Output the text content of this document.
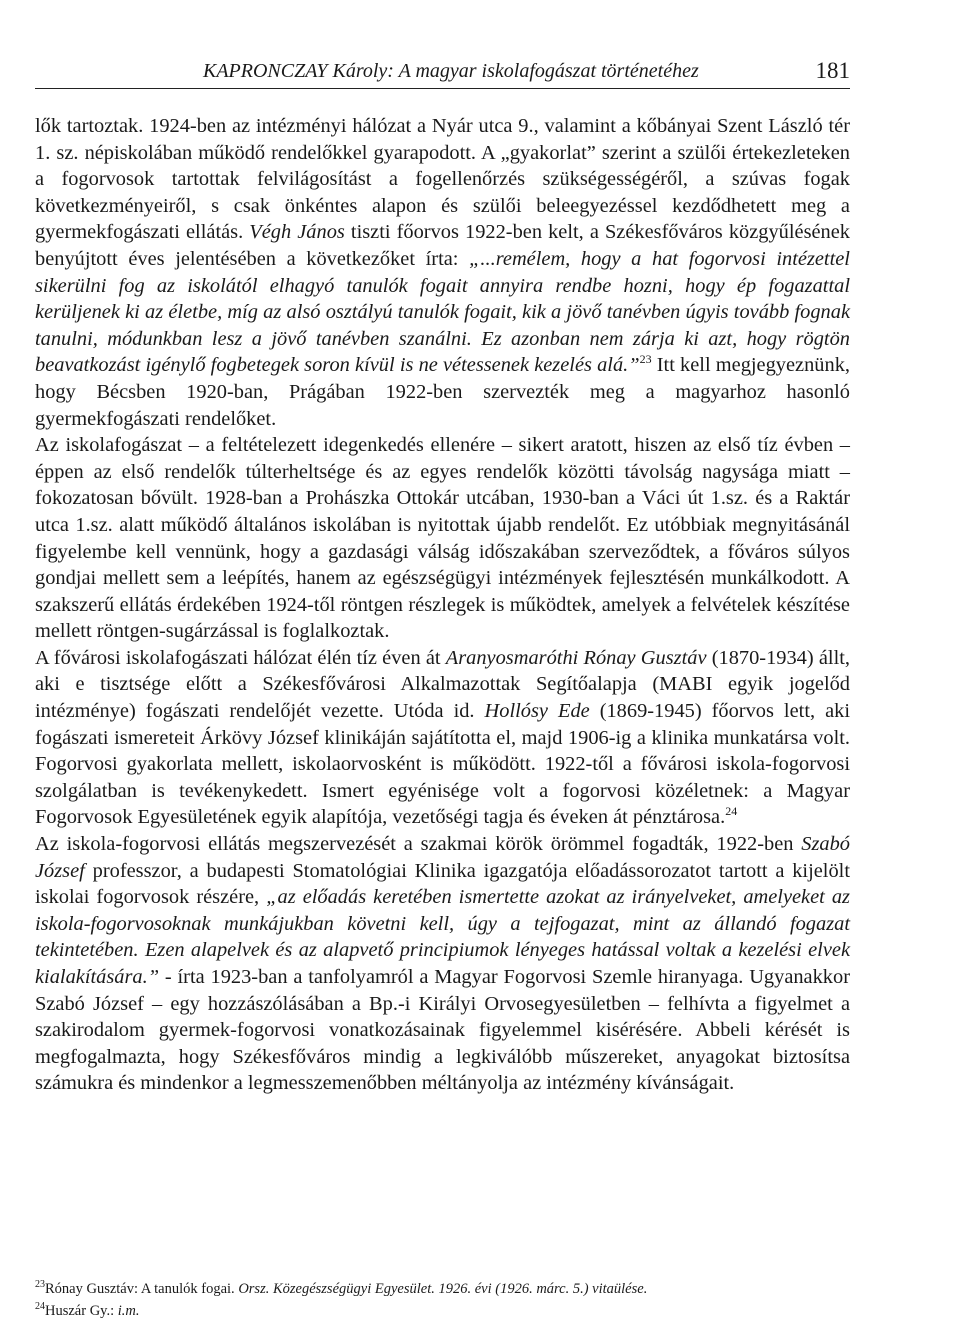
KAPRONCZAY Károly: A magyar iskolafogászat történetéhez	181

lők tartoztak. 1924-ben az intézményi hálózat a Nyár utca 9., valamint a kőbányai Szent László tér 1. sz. népiskolában működő rendelőkkel gyarapodott. A „gyakorlat” szerint a szülői értekezleteken a fogorvosok tartottak felvilágosítást a fogellenőrzés szükségességéről, a szúvas fogak következményeiről, s csak önkéntes alapon és szülői beleegyezéssel kezdődhetett meg a gyermekfogászati ellátás. Végh János tiszti főorvos 1922-ben kelt, a Székesfőváros közgyűlésének benyújtott éves jelentésében a következőket írta: „...remélem, hogy a hat fogorvosi intézettel sikerülni fog az iskolától elhagyó tanulók fogait annyira rendbe hozni, hogy ép fogazattal kerüljenek ki az életbe, míg az alsó osztályú tanulók fogait, kik a jövő tanévben úgyis tovább fognak tanulni, módunkban lesz a jövő tanévben szanálni. Ez azonban nem zárja ki azt, hogy rögtön beavatkozást igénylő fogbetegek soron kívül is ne vétessenek kezelés alá.”$^{23}$ Itt kell megjegyeznünk, hogy Bécsben 1920-ban, Prágában 1922-ben szervezték meg a magyarhoz hasonló gyermekfogászati rendelőket.

Az iskolafogászat – a feltételezett idegenkedés ellenére – sikert aratott, hiszen az első tíz évben – éppen az első rendelők túlterheltsége és az egyes rendelők közötti távolság nagysága miatt – fokozatosan bővült. 1928-ban a Prohászka Ottokár utcában, 1930-ban a Váci út 1.sz. és a Raktár utca 1.sz. alatt működő általános iskolában is nyitottak újabb rendelőt. Ez utóbbiak megnyitásánál figyelembe kell vennünk, hogy a gazdasági válság időszakában szerveződtek, a főváros súlyos gondjai mellett sem a leépítés, hanem az egészségügyi intézmények fejlesztésén munkálkodott. A szakszerű ellátás érdekében 1924-től röntgen részlegek is működtek, amelyek a felvételek készítése mellett röntgen-sugárzással is foglalkoztak.

A fővárosi iskolafogászati hálózat élén tíz éven át Aranyosmaróthi Rónay Gusztáv (1870-1934) állt, aki e tisztsége előtt a Székesfővárosi Alkalmazottak Segítőalapja (MABI egyik jogelőd intézménye) fogászati rendelőjét vezette. Utóda id. Hollósy Ede (1869-1945) főorvos lett, aki fogászati ismereteit Árkövy József klinikáján sajátította el, majd 1906-ig a klinika munkatársa volt. Fogorvosi gyakorlata mellett, iskolaorvosként is működött. 1922-től a fővárosi iskola-fogorvosi szolgálatban is tevékenykedett. Ismert egyénisége volt a fogorvosi közéletnek: a Magyar Fogorvosok Egyesületének egyik alapítója, vezetőségi tagja és éveken át pénztárosa.$^{24}$

Az iskola-fogorvosi ellátás megszervezését a szakmai körök örömmel fogadták, 1922-ben Szabó József professzor, a budapesti Stomatológiai Klinika igazgatója előadássorozatot tartott a kijelölt iskolai fogorvosok részére, „az előadás keretében ismertette azokat az irányelveket, amelyeket az iskola-fogorvosoknak munkájukban követni kell, úgy a tejfogazat, mint az állandó fogazat tekintetében. Ezen alapelvek és az alapvető principiumok lényeges hatással voltak a kezelési elvek kialakítására.” - írta 1923-ban a tanfolyamról a Magyar Fogorvosi Szemle hiranyaga. Ugyanakkor Szabó József – egy hozzászólásában a Bp.-i Királyi Orvosegyesületben – felhívta a figyelmet a szakirodalom gyermek-fogorvosi vonatkozásainak figyelemmel kisérésére. Abbeli kérését is megfogalmazta, hogy Székesfőváros mindig a legkiválóbb műszereket, anyagokat biztosítsa számukra és mindenkor a legmesszemenőbben méltányolja az intézmény kívánságait.

$^{23}$Rónay Gusztáv: A tanulók fogai. Orsz. Közegészségügyi Egyesület. 1926. évi (1926. márc. 5.) vitaülése.
$^{24}$Huszár Gy.: i.m.
